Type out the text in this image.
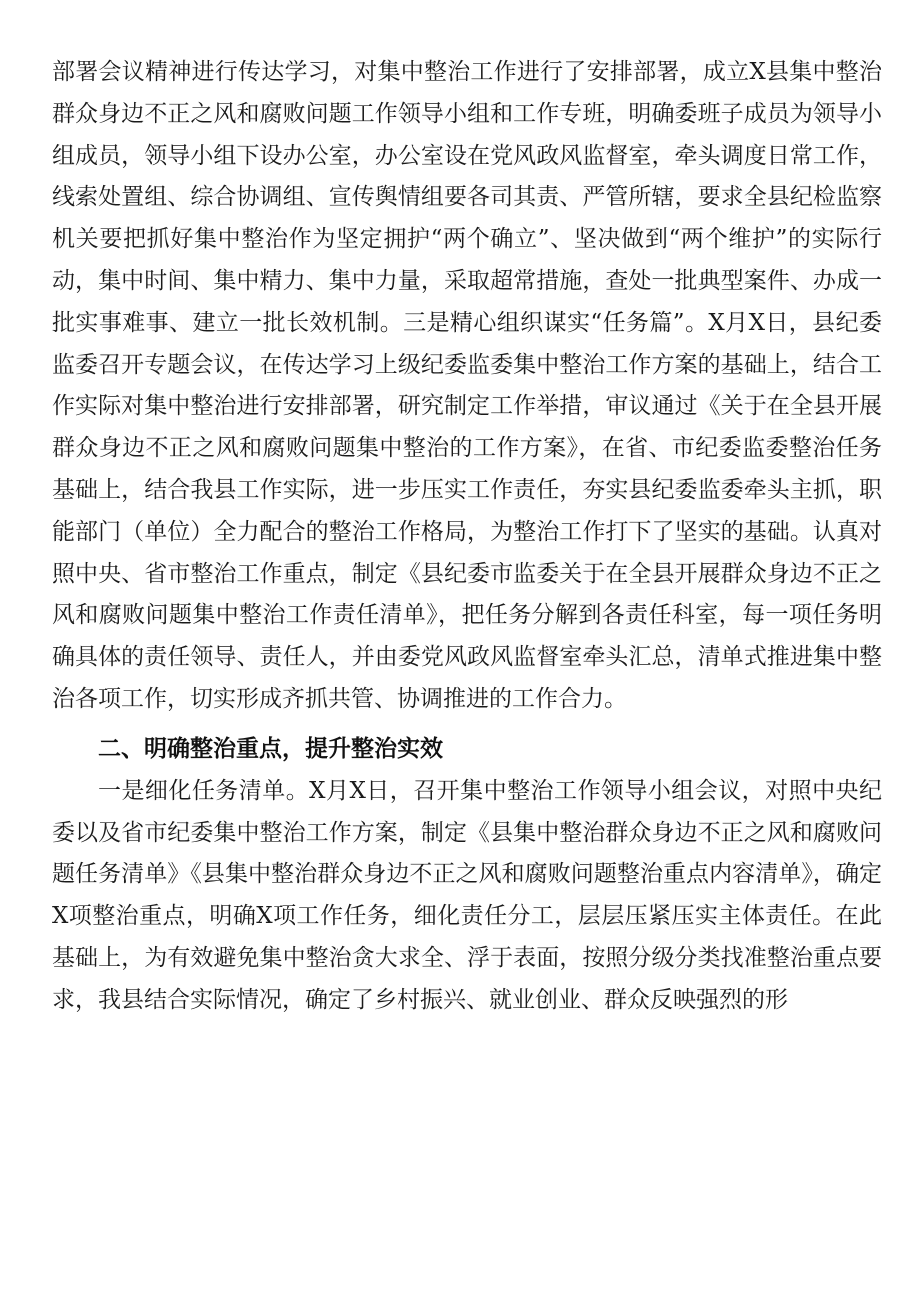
部署会议精神进行传达学习，对集中整治工作进行了安排部署，成立X县集中整治群众身边不正之风和腐败问题工作领导小组和工作专班，明确委班子成员为领导小组成员，领导小组下设办公室，办公室设在党风政风监督室，牵头调度日常工作，线索处置组、综合协调组、宣传舆情组要各司其责、严管所辖，要求全县纪检监察机关要把抓好集中整治作为坚定拥护“两个确立”、坚决做到“两个维护”的实际行动，集中时间、集中精力、集中力量，采取超常措施，查处一批典型案件、办成一批实事难事、建立一批长效机制。三是精心组织谋实“任务篇”。X月X日，县纪委监委召开专题会议，在传达学习上级纪委监委集中整治工作方案的基础上，结合工作实际对集中整治进行安排部署，研究制定工作举措，审议通过《关于在全县开展群众身边不正之风和腐败问题集中整治的工作方案》，在省、市纪委监委整治任务基础上，结合我县工作实际，进一步压实工作责任，夯实县纪委监委牵头主抓，职能部门（单位）全力配合的整治工作格局，为整治工作打下了坚实的基础。认真对照中央、省市整治工作重点，制定《县纪委市监委关于在全县开展群众身边不正之风和腐败问题集中整治工作责任清单》，把任务分解到各责任科室，每一项任务明确具体的责任领导、责任人，并由委党风政风监督室牵头汇总，清单式推进集中整治各项工作，切实形成齐抓共管、协调推进的工作合力。

二、明确整治重点，提升整治实效

一是细化任务清单。X月X日，召开集中整治工作领导小组会议，对照中央纪委以及省市纪委集中整治工作方案，制定《县集中整治群众身边不正之风和腐败问题任务清单》《县集中整治群众身边不正之风和腐败问题整治重点内容清单》，确定X项整治重点，明确X项工作任务，细化责任分工，层层压紧压实主体责任。在此基础上，为有效避免集中整治贪大求全、浮于表面，按照分级分类找准整治重点要求，我县结合实际情况，确定了乡村振兴、就业创业、群众反映强烈的形
